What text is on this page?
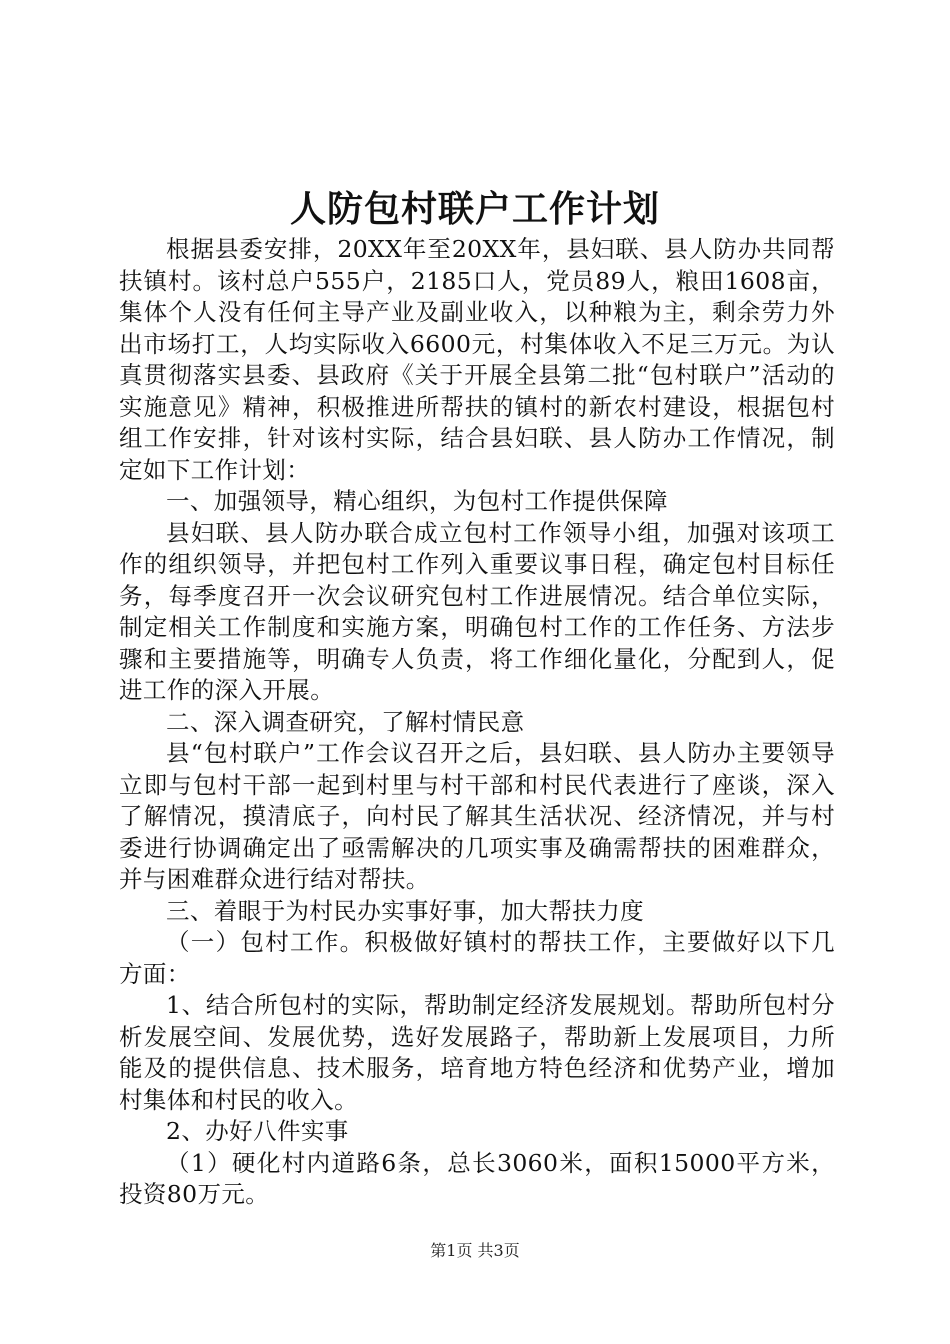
人防包村联户工作计划

根据县委安排，20XX年至20XX年，县妇联、县人防办共同帮扶镇村。该村总户555户，2185口人，党员89人，粮田1608亩，集体个人没有任何主导产业及副业收入，以种粮为主，剩余劳力外出市场打工，人均实际收入6600元，村集体收入不足三万元。为认真贯彻落实县委、县政府《关于开展全县第二批“包村联户”活动的实施意见》精神，积极推进所帮扶的镇村的新农村建设，根据包村组工作安排，针对该村实际，结合县妇联、县人防办工作情况，制定如下工作计划：

一、加强领导，精心组织，为包村工作提供保障

县妇联、县人防办联合成立包村工作领导小组，加强对该项工作的组织领导，并把包村工作列入重要议事日程，确定包村目标任务，每季度召开一次会议研究包村工作进展情况。结合单位实际，制定相关工作制度和实施方案，明确包村工作的工作任务、方法步骤和主要措施等，明确专人负责，将工作细化量化，分配到人，促进工作的深入开展。

二、深入调查研究，了解村情民意

县“包村联户”工作会议召开之后，县妇联、县人防办主要领导立即与包村干部一起到村里与村干部和村民代表进行了座谈，深入了解情况，摸清底子，向村民了解其生活状况、经济情况，并与村委进行协调确定出了亟需解决的几项实事及确需帮扶的困难群众，并与困难群众进行结对帮扶。

三、着眼于为村民办实事好事，加大帮扶力度

（一）包村工作。积极做好镇村的帮扶工作，主要做好以下几方面：

1、结合所包村的实际，帮助制定经济发展规划。帮助所包村分析发展空间、发展优势，选好发展路子，帮助新上发展项目，力所能及的提供信息、技术服务，培育地方特色经济和优势产业，增加村集体和村民的收入。

2、办好八件实事

（1）硬化村内道路6条，总长3060米，面积15000平方米，投资80万元。

第1页 共3页
